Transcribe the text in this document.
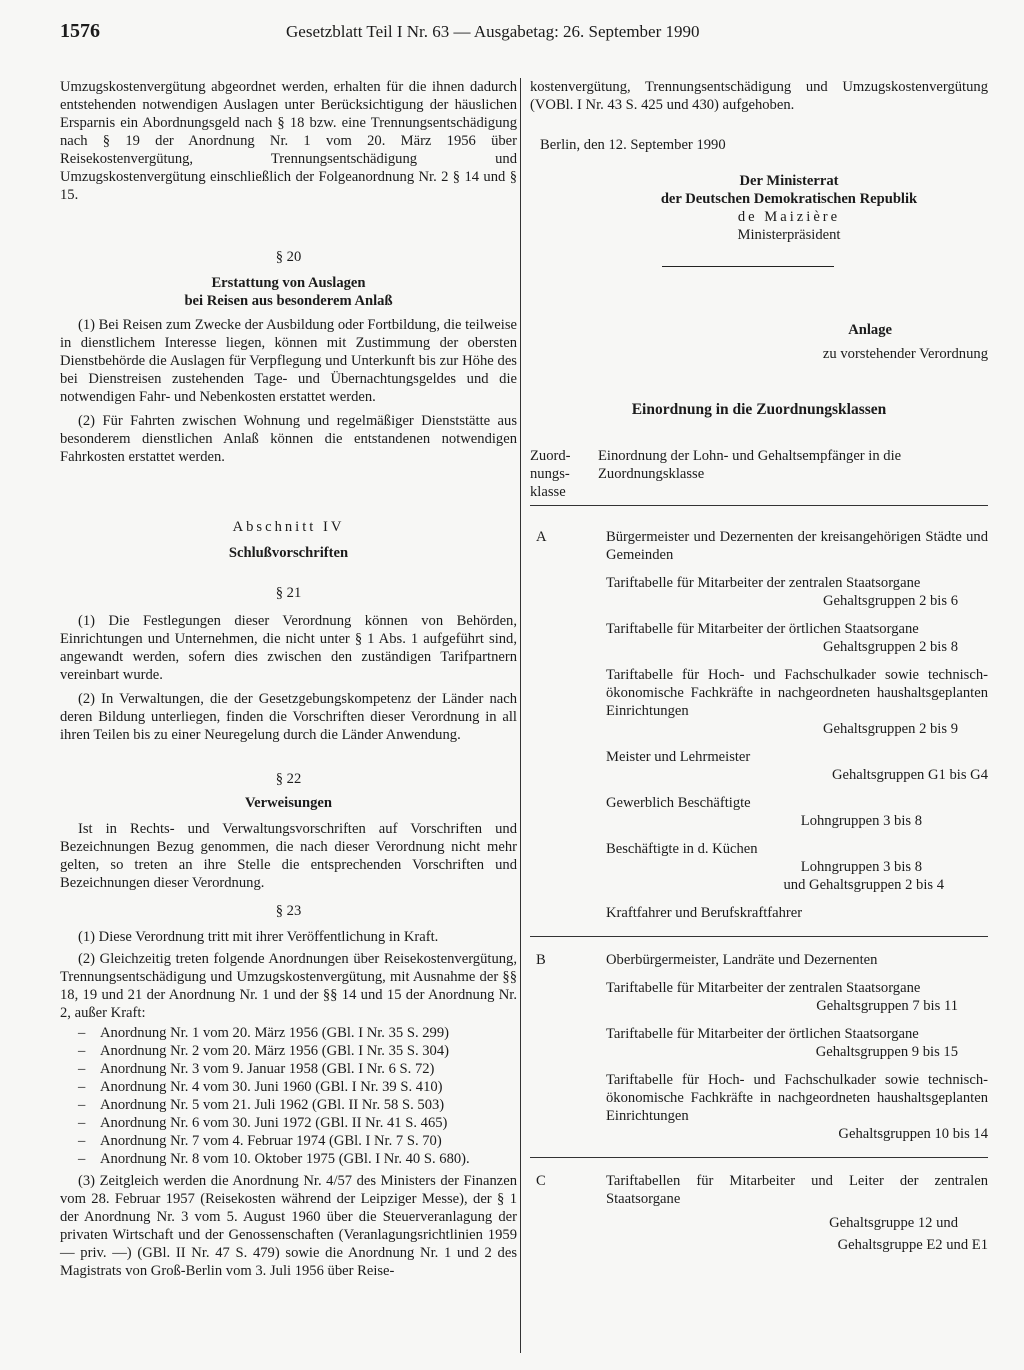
1576	Gesetzblatt Teil I Nr. 63 — Ausgabetag: 26. September 1990

Umzugskostenvergütung abgeordnet werden, erhalten für die ihnen dadurch entstehenden notwendigen Auslagen unter Berücksichtigung der häuslichen Ersparnis ein Abordnungsgeld nach § 18 bzw. eine Trennungsentschädigung nach § 19 der Anordnung Nr. 1 vom 20. März 1956 über Reisekostenvergütung, Trennungsentschädigung und Umzugskostenvergütung einschließlich der Folgeanordnung Nr. 2 § 14 und § 15.

§ 20
Erstattung von Auslagen
bei Reisen aus besonderem Anlaß

(1) Bei Reisen zum Zwecke der Ausbildung oder Fortbildung, die teilweise in dienstlichem Interesse liegen, können mit Zustimmung der obersten Dienstbehörde die Auslagen für Verpflegung und Unterkunft bis zur Höhe des bei Dienstreisen zustehenden Tage- und Übernachtungsgeldes und die notwendigen Fahr- und Nebenkosten erstattet werden.

(2) Für Fahrten zwischen Wohnung und regelmäßiger Dienststätte aus besonderem dienstlichen Anlaß können die entstandenen notwendigen Fahrkosten erstattet werden.

Abschnitt IV
Schlußvorschriften
§ 21

(1) Die Festlegungen dieser Verordnung können von Behörden, Einrichtungen und Unternehmen, die nicht unter § 1 Abs. 1 aufgeführt sind, angewandt werden, sofern dies zwischen den zuständigen Tarifpartnern vereinbart wurde.

(2) In Verwaltungen, die der Gesetzgebungskompetenz der Länder nach deren Bildung unterliegen, finden die Vorschriften dieser Verordnung in all ihren Teilen bis zu einer Neuregelung durch die Länder Anwendung.

§ 22
Verweisungen

Ist in Rechts- und Verwaltungsvorschriften auf Vorschriften und Bezeichnungen Bezug genommen, die nach dieser Verordnung nicht mehr gelten, so treten an ihre Stelle die entsprechenden Vorschriften und Bezeichnungen dieser Verordnung.

§ 23

(1) Diese Verordnung tritt mit ihrer Veröffentlichung in Kraft.

(2) Gleichzeitig treten folgende Anordnungen über Reisekostenvergütung, Trennungsentschädigung und Umzugskostenvergütung, mit Ausnahme der §§ 18, 19 und 21 der Anordnung Nr. 1 und der §§ 14 und 15 der Anordnung Nr. 2, außer Kraft:

– Anordnung Nr. 1 vom 20. März 1956 (GBl. I Nr. 35 S. 299)
– Anordnung Nr. 2 vom 20. März 1956 (GBl. I Nr. 35 S. 304)
– Anordnung Nr. 3 vom 9. Januar 1958 (GBl. I Nr. 6 S. 72)
– Anordnung Nr. 4 vom 30. Juni 1960 (GBl. I Nr. 39 S. 410)
– Anordnung Nr. 5 vom 21. Juli 1962 (GBl. II Nr. 58 S. 503)
– Anordnung Nr. 6 vom 30. Juni 1972 (GBl. II Nr. 41 S. 465)
– Anordnung Nr. 7 vom 4. Februar 1974 (GBl. I Nr. 7 S. 70)
– Anordnung Nr. 8 vom 10. Oktober 1975 (GBl. I Nr. 40 S. 680).

(3) Zeitgleich werden die Anordnung Nr. 4/57 des Ministers der Finanzen vom 28. Februar 1957 (Reisekosten während der Leipziger Messe), der § 1 der Anordnung Nr. 3 vom 5. August 1960 über die Steuerveranlagung der privaten Wirtschaft und der Genossenschaften (Veranlagungsrichtlinien 1959 — priv. —) (GBl. II Nr. 47 S. 479) sowie die Anordnung Nr. 1 und 2 des Magistrats von Groß-Berlin vom 3. Juli 1956 über Reise-

kostenvergütung, Trennungsentschädigung und Umzugskostenvergütung (VOBl. I Nr. 43 S. 425 und 430) aufgehoben.

Berlin, den 12. September 1990
Der Ministerrat
der Deutschen Demokratischen Republik
de Maizière
Ministerpräsident
Anlage
zu vorstehender Verordnung
Einordnung in die Zuordnungsklassen
Zuord-
nungs-
klasse
Einordnung der Lohn- und Gehaltsempfänger in die Zuordnungsklasse
A	Bürgermeister und Dezernenten der kreisangehörigen Städte und Gemeinden
Tariftabelle für Mitarbeiter der zentralen Staatsorgane
Gehaltsgruppen 2 bis 6
Tariftabelle für Mitarbeiter der örtlichen Staatsorgane
Gehaltsgruppen 2 bis 8
Tariftabelle für Hoch- und Fachschulkader sowie technisch-ökonomische Fachkräfte in nachgeordneten haushaltsgeplanten Einrichtungen
Gehaltsgruppen 2 bis 9
Meister und Lehrmeister
Gehaltsgruppen G1 bis G4
Gewerblich Beschäftigte
Lohngruppen 3 bis 8
Beschäftigte in d. Küchen
Lohngruppen 3 bis 8
und Gehaltsgruppen 2 bis 4
Kraftfahrer und Berufskraftfahrer
B	Oberbürgermeister, Landräte und Dezernenten
Tariftabelle für Mitarbeiter der zentralen Staatsorgane
Gehaltsgruppen 7 bis 11
Tariftabelle für Mitarbeiter der örtlichen Staatsorgane
Gehaltsgruppen 9 bis 15
Tariftabelle für Hoch- und Fachschulkader sowie technisch-ökonomische Fachkräfte in nachgeordneten haushaltsgeplanten Einrichtungen
Gehaltsgruppen 10 bis 14
C	Tariftabellen für Mitarbeiter und Leiter der zentralen Staatsorgane
Gehaltsgruppe 12 und
Gehaltsgruppe E2 und E1
